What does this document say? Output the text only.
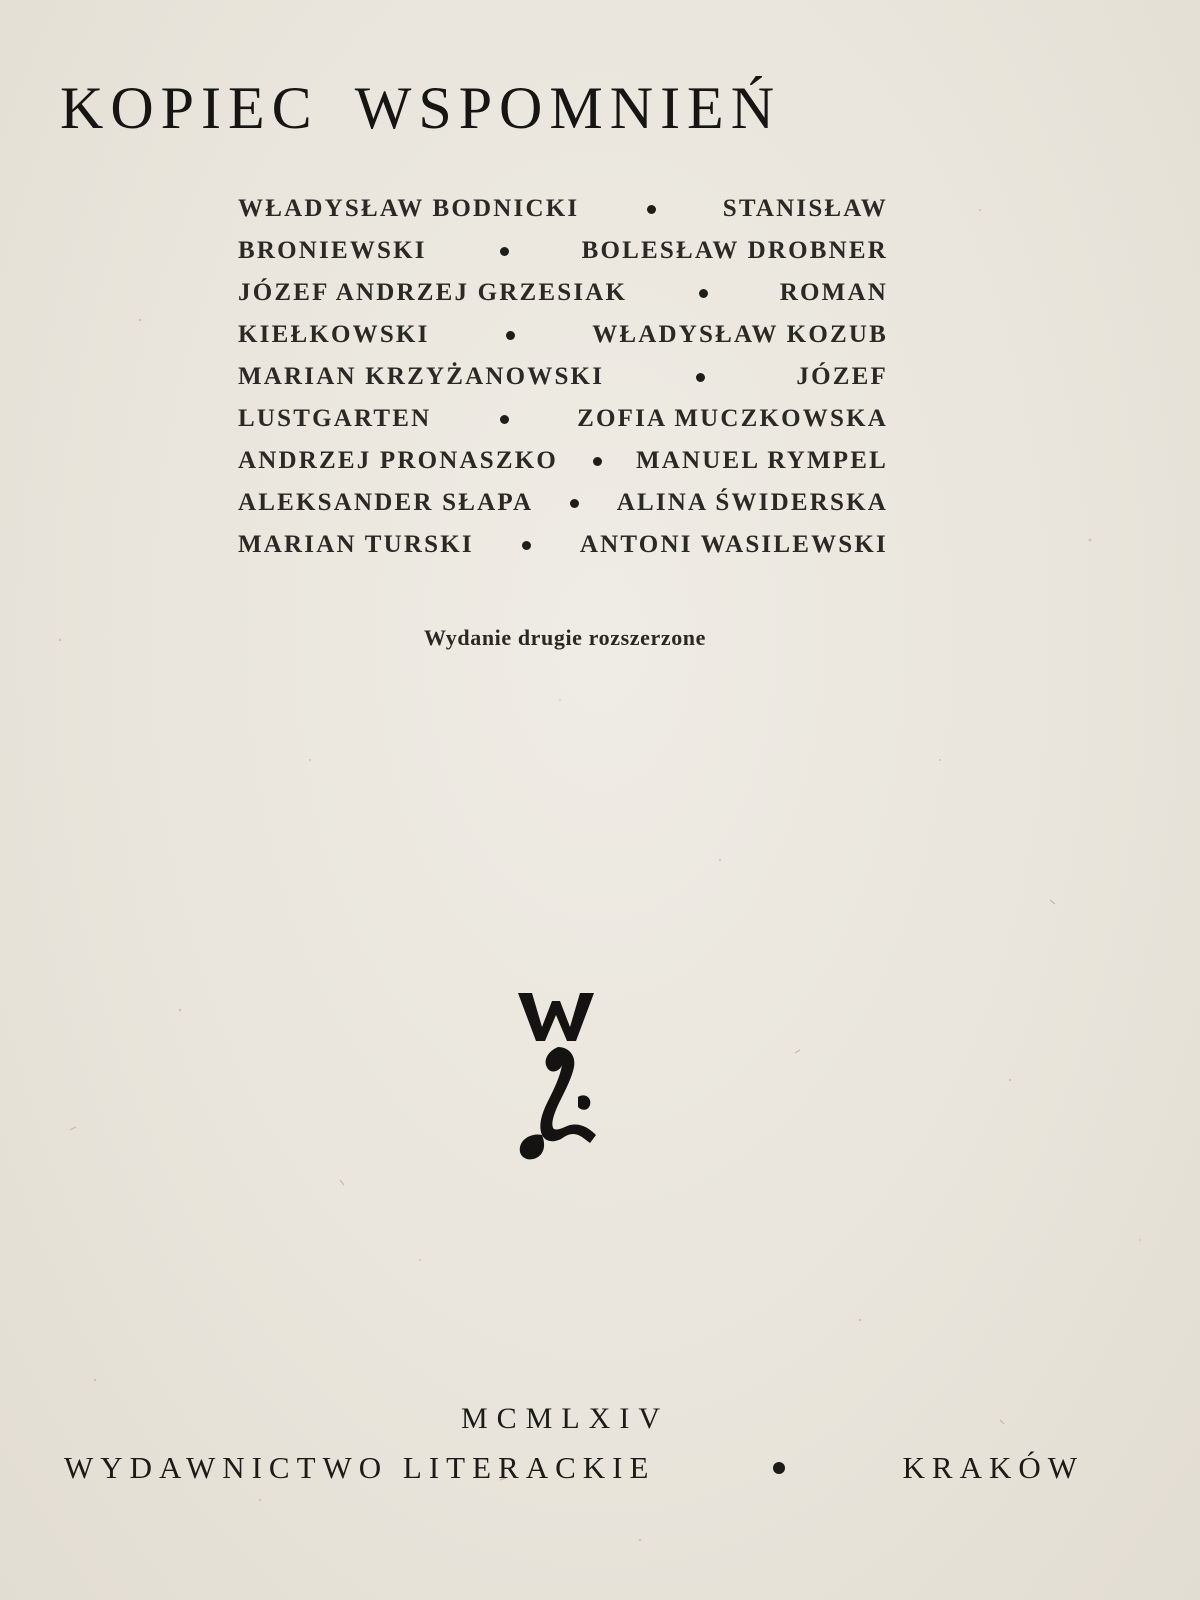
KOPIEC WSPOMNIEŃ
WŁADYSŁAW BODNICKI	STANISŁAW
BRONIEWSKI	BOLESŁAW DROBNER
JÓZEF ANDRZEJ GRZESIAK	ROMAN
KIEŁKOWSKI	WŁADYSŁAW KOZUB
MARIAN KRZYŻANOWSKI	JÓZEF
LUSTGARTEN	ZOFIA MUCZKOWSKA
ANDRZEJ PRONASZKO	MANUEL RYMPEL
ALEKSANDER SŁAPA	ALINA ŚWIDERSKA
MARIAN TURSKI	ANTONI WASILEWSKI
Wydanie drugie rozszerzone
MCMLXIV
WYDAWNICTWO LITERACKIE	KRAKÓW
